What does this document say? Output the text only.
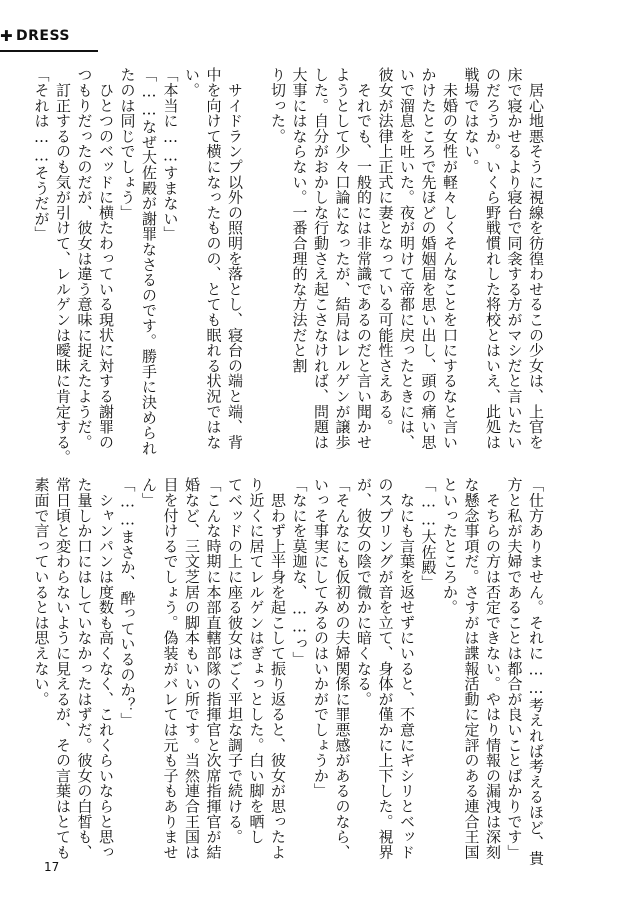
✚ DRESS
　居心地悪そうに視線を彷徨わせるこの少女は、上官を
床で寝かせるより寝台で同衾する方がマシだと言いたい
のだろうか。いくら野戦慣れした将校とはいえ、此処は
戦場ではない。
　未婚の女性が軽々しくそんなことを口にするなと言い
かけたところで先ほどの婚姻届を思い出し、頭の痛い思
いで溜息を吐いた。夜が明けて帝都に戻ったときには、
彼女が法律上正式に妻となっている可能性さえある。
　それでも、一般的には非常識であるのだと言い聞かせ
ようとして少々口論になったが、結局はレルゲンが譲歩
した。自分がおかしな行動さえ起こさなければ、問題は
大事にはならない。一番合理的な方法だと割
り切った。
　サイドランプ以外の照明を落とし、寝台の端と端、背
中を向けて横になったものの、とても眠れる状況ではな
い。
「本当に……すまない」
「……なぜ大佐殿が謝罪なさるのです。勝手に決められ
たのは同じでしょう」
　ひとつのベッドに横たわっている現状に対する謝罪の
つもりだったのだが、彼女は違う意味に捉えたようだ。
　訂正するのも気が引けて、レルゲンは曖昧に肯定する。
「それは……そうだが」
「仕方ありません。それに……考えれば考えるほど、貴
方と私が夫婦であることは都合が良いことばかりです」
　そちらの方は否定できない。やはり情報の漏洩は深刻
な懸念事項だ。さすがは諜報活動に定評のある連合王国
といったところか。
「……大佐殿」
　なにも言葉を返せずにいると、不意にギシリとベッド
のスプリングが音を立て、身体が僅かに上下した。視界
が、彼女の陰で微かに暗くなる。
「そんなにも仮初めの夫婦関係に罪悪感があるのなら、
いっそ事実にしてみるのはいかがでしょうか」
「なにを莫迦な、……っ」
　思わず上半身を起こして振り返ると、彼女が思ったよ
り近くに居てレルゲンはぎょっとした。白い脚を晒し
てベッドの上に座る彼女はごく平坦な調子で続ける。
「こんな時期に本部直轄部隊の指揮官と次席指揮官が結
婚など、三文芝居の脚本もいい所です。当然連合王国は
目を付けるでしょう。偽装がバレては元も子もありませ
ん」
「……まさか、酔っているのか？」
　シャンパンは度数も高くなく、これくらいならと思っ
た量しか口にはしていなかったはずだ。彼女の白皙も、
常日頃と変わらないように見えるが、その言葉はとても
素面で言っているとは思えない。
17
